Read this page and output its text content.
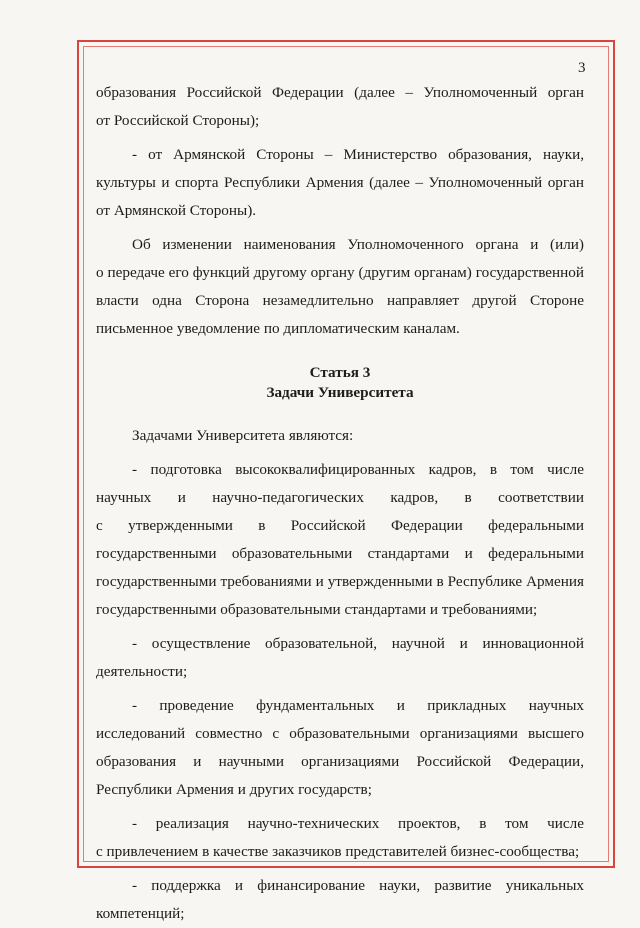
3

образования Российской Федерации (далее – Уполномоченный орган

от Российской Стороны);

- от Армянской Стороны – Министерство образования, науки,

культуры и спорта Республики Армения (далее – Уполномоченный орган

от Армянской Стороны).

Об изменении наименования Уполномоченного органа и (или)

о передаче его функций другому органу (другим органам) государственной

власти одна Сторона незамедлительно направляет другой Стороне

письменное уведомление по дипломатическим каналам.

Статья 3

Задачи Университета

Задачами Университета являются:

- подготовка высококвалифицированных кадров, в том числе

научных и научно-педагогических кадров, в соответствии

с утвержденными в Российской Федерации федеральными

государственными образовательными стандартами и федеральными

государственными требованиями и утвержденными в Республике Армения

государственными образовательными стандартами и требованиями;

- осуществление образовательной, научной и инновационной

деятельности;

- проведение фундаментальных и прикладных научных

исследований совместно с образовательными организациями высшего

образования и научными организациями Российской Федерации,

Республики Армения и других государств;

- реализация научно-технических проектов, в том числе

с привлечением в качестве заказчиков представителей бизнес-сообщества;

- поддержка и финансирование науки, развитие уникальных

компетенций;
